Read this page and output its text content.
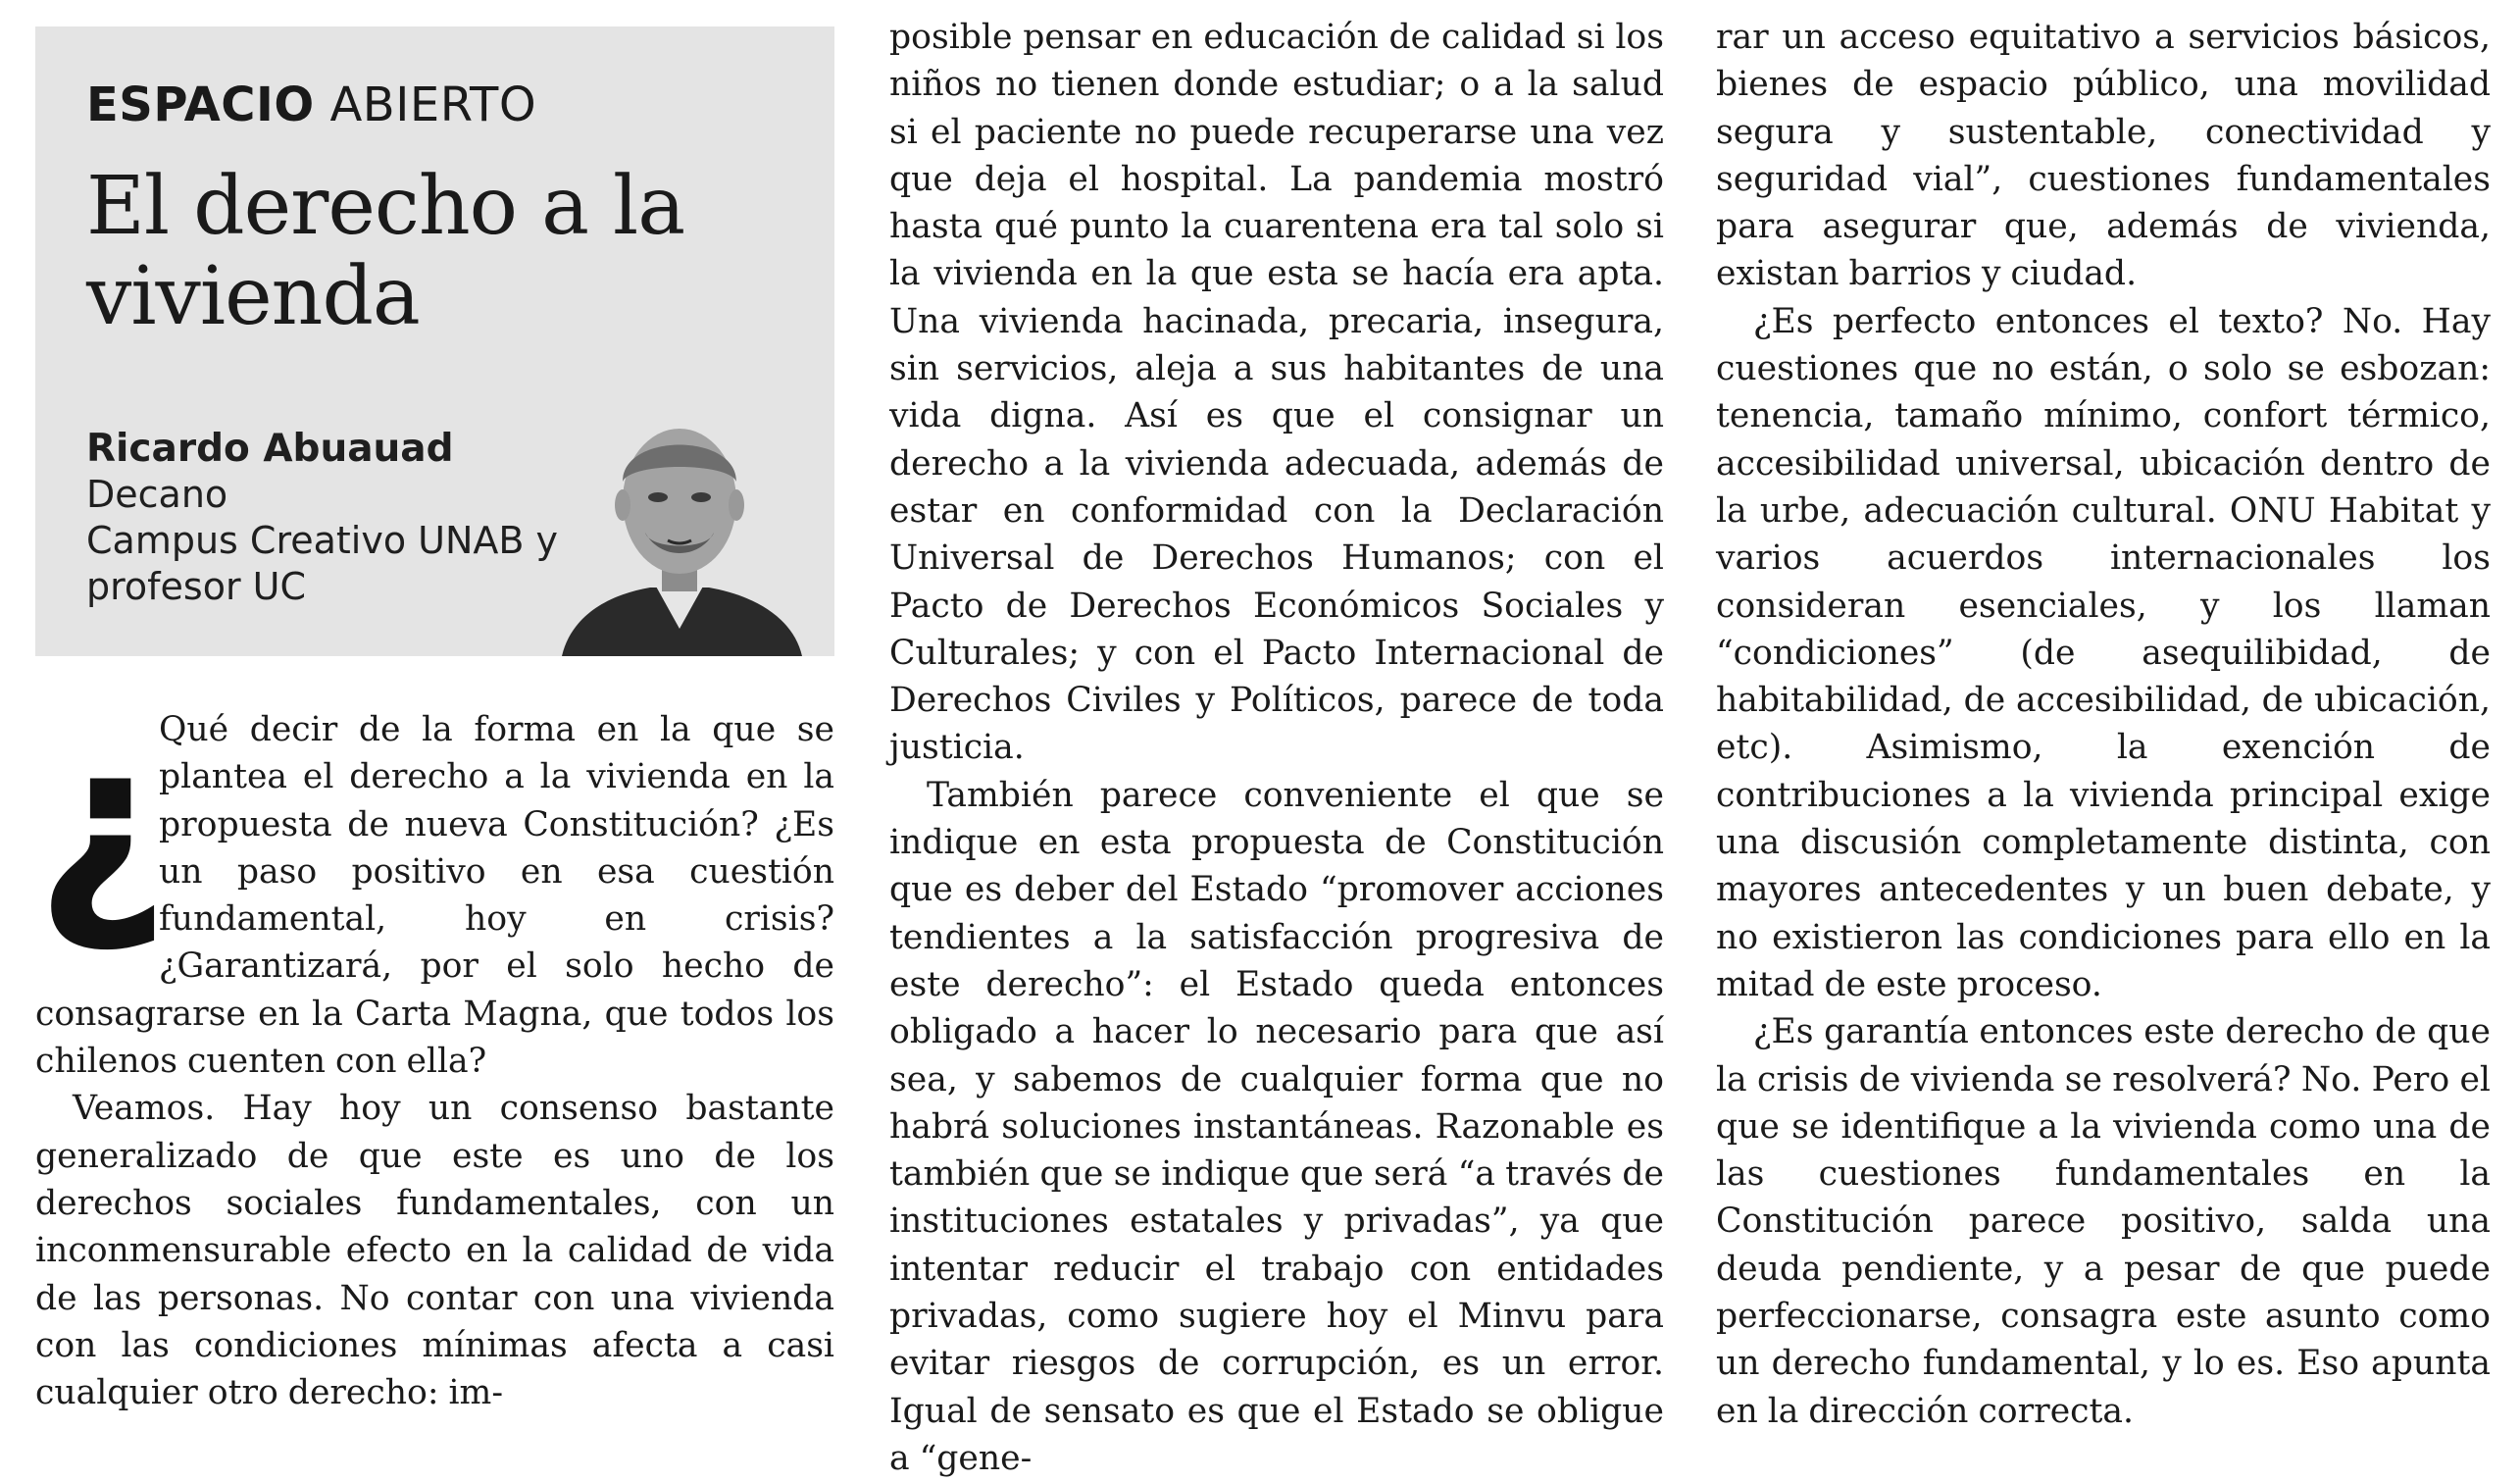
ESPACIO ABIERTO
El derecho a la
vivienda
Ricardo Abuauad
Decano
Campus Creativo UNAB y
profesor UC
¿

Qué decir de la forma en la que se plantea el derecho a la vivienda en la propuesta de nueva Constitución? ¿Es un paso positivo en esa cuestión fundamental, hoy en crisis? ¿Garantizará, por el solo hecho de consagrarse en la Carta Magna, que todos los chilenos cuenten con ella?

Veamos. Hay hoy un consenso bastante generalizado de que este es uno de los derechos sociales fundamentales, con un inconmensurable efecto en la calidad de vida de las personas. No contar con una vivienda con las condiciones mínimas afecta a casi cualquier otro derecho: im-

posible pensar en educación de calidad si los niños no tienen donde estudiar; o a la salud si el paciente no puede recuperarse una vez que deja el hospital. La pandemia mostró hasta qué punto la cuarentena era tal solo si la vivienda en la que esta se hacía era apta. Una vivienda hacinada, precaria, insegura, sin servicios, aleja a sus habitantes de una vida digna. Así es que el consignar un derecho a la vivienda adecuada, además de estar en conformidad con la Declaración Universal de Derechos Humanos; con el Pacto de Derechos Económicos Sociales y Culturales; y con el Pacto Internacional de Derechos Civiles y Políticos, parece de toda justicia.

También parece conveniente el que se indique en esta propuesta de Constitución que es deber del Estado “promover acciones tendientes a la satisfacción progresiva de este derecho”: el Estado queda entonces obligado a hacer lo necesario para que así sea, y sabemos de cualquier forma que no habrá soluciones instantáneas. Razonable es también que se indique que será “a través de instituciones estatales y privadas”, ya que intentar reducir el trabajo con entidades privadas, como sugiere hoy el Minvu para evitar riesgos de corrupción, es un error. Igual de sensato es que el Estado se obligue a “gene-

rar un acceso equitativo a servicios básicos, bienes de espacio público, una movilidad segura y sustentable, conectividad y seguridad vial”, cuestiones fundamentales para asegurar que, además de vivienda, existan barrios y ciudad.

¿Es perfecto entonces el texto? No. Hay cuestiones que no están, o solo se esbozan: tenencia, tamaño mínimo, confort térmico, accesibilidad universal, ubicación dentro de la urbe, adecuación cultural. ONU Habitat y varios acuerdos internacionales los consideran esenciales, y los llaman “condiciones” (de asequilibidad, de habitabilidad, de accesibilidad, de ubicación, etc). Asimismo, la exención de contribuciones a la vivienda principal exige una discusión completamente distinta, con mayores antecedentes y un buen debate, y no existieron las condiciones para ello en la mitad de este proceso.

¿Es garantía entonces este derecho de que la crisis de vivienda se resolverá? No. Pero el que se identifique a la vivienda como una de las cuestiones fundamentales en la Constitución parece positivo, salda una deuda pendiente, y a pesar de que puede perfeccionarse, consagra este asunto como un derecho fundamental, y lo es. Eso apunta en la dirección correcta.
